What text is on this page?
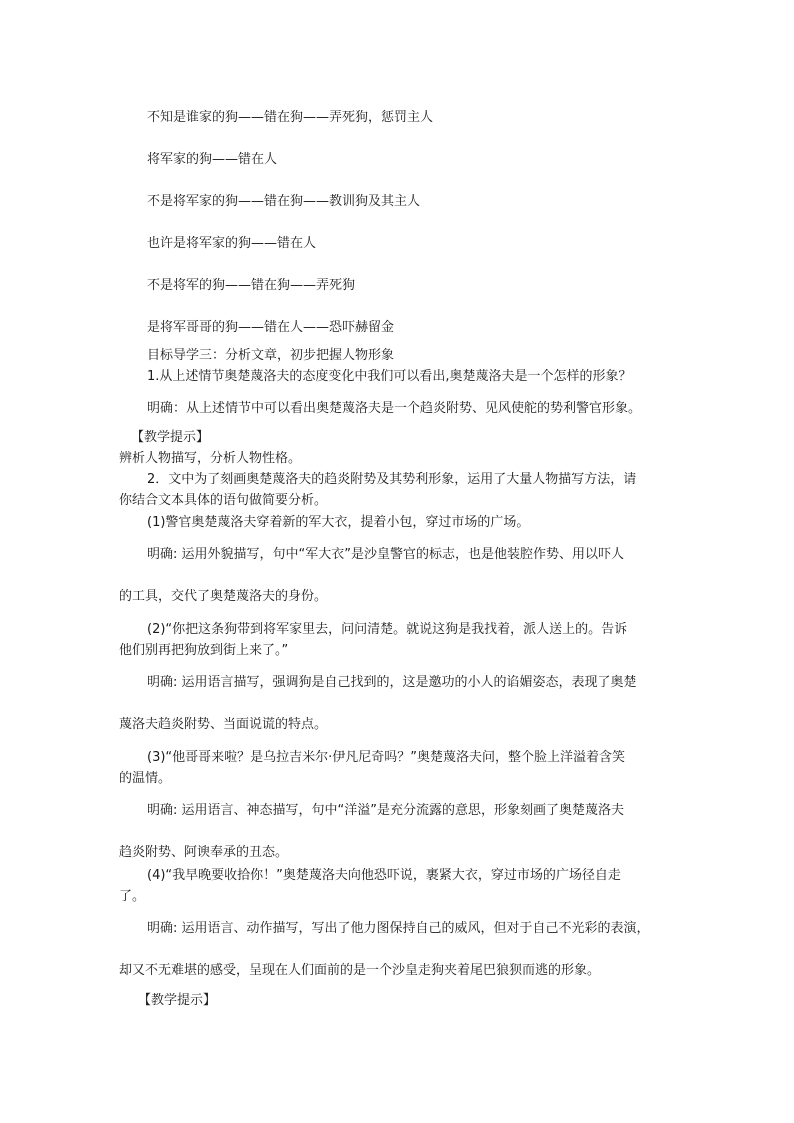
不知是谁家的狗——错在狗——弄死狗，惩罚主人
将军家的狗——错在人
不是将军家的狗——错在狗——教训狗及其主人
也许是将军家的狗——错在人
不是将军的狗——错在狗——弄死狗
是将军哥哥的狗——错在人——恐吓赫留金
目标导学三：分析文章，初步把握人物形象
1.从上述情节奥楚蔑洛夫的态度变化中我们可以看出,奥楚蔑洛夫是一个怎样的形象？
明确：从上述情节中可以看出奥楚蔑洛夫是一个趋炎附势、见风使舵的势利警官形象。
【教学提示】
辨析人物描写，分析人物性格。
2．文中为了刻画奥楚蔑洛夫的趋炎附势及其势利形象，运用了大量人物描写方法，请
你结合文本具体的语句做简要分析。
(1)警官奥楚蔑洛夫穿着新的军大衣，提着小包，穿过市场的广场。
明确: 运用外貌描写，句中“军大衣”是沙皇警官的标志，也是他装腔作势、用以吓人
的工具，交代了奥楚蔑洛夫的身份。
(2)“你把这条狗带到将军家里去，问问清楚。就说这狗是我找着，派人送上的。告诉
他们别再把狗放到街上来了。”
明确: 运用语言描写，强调狗是自己找到的，这是邀功的小人的谄媚姿态，表现了奥楚
蔑洛夫趋炎附势、当面说谎的特点。
(3)“他哥哥来啦？是乌拉吉米尔·伊凡尼奇吗？”奥楚蔑洛夫问，整个脸上洋溢着含笑
的温情。
明确: 运用语言、神态描写，句中“洋溢”是充分流露的意思，形象刻画了奥楚蔑洛夫
趋炎附势、阿谀奉承的丑态。
(4)“我早晚要收拾你！”奥楚蔑洛夫向他恐吓说，裹紧大衣，穿过市场的广场径自走
了。
明确: 运用语言、动作描写，写出了他力图保持自己的威风，但对于自己不光彩的表演，
却又不无难堪的感受，呈现在人们面前的是一个沙皇走狗夹着尾巴狼狈而逃的形象。
【教学提示】
